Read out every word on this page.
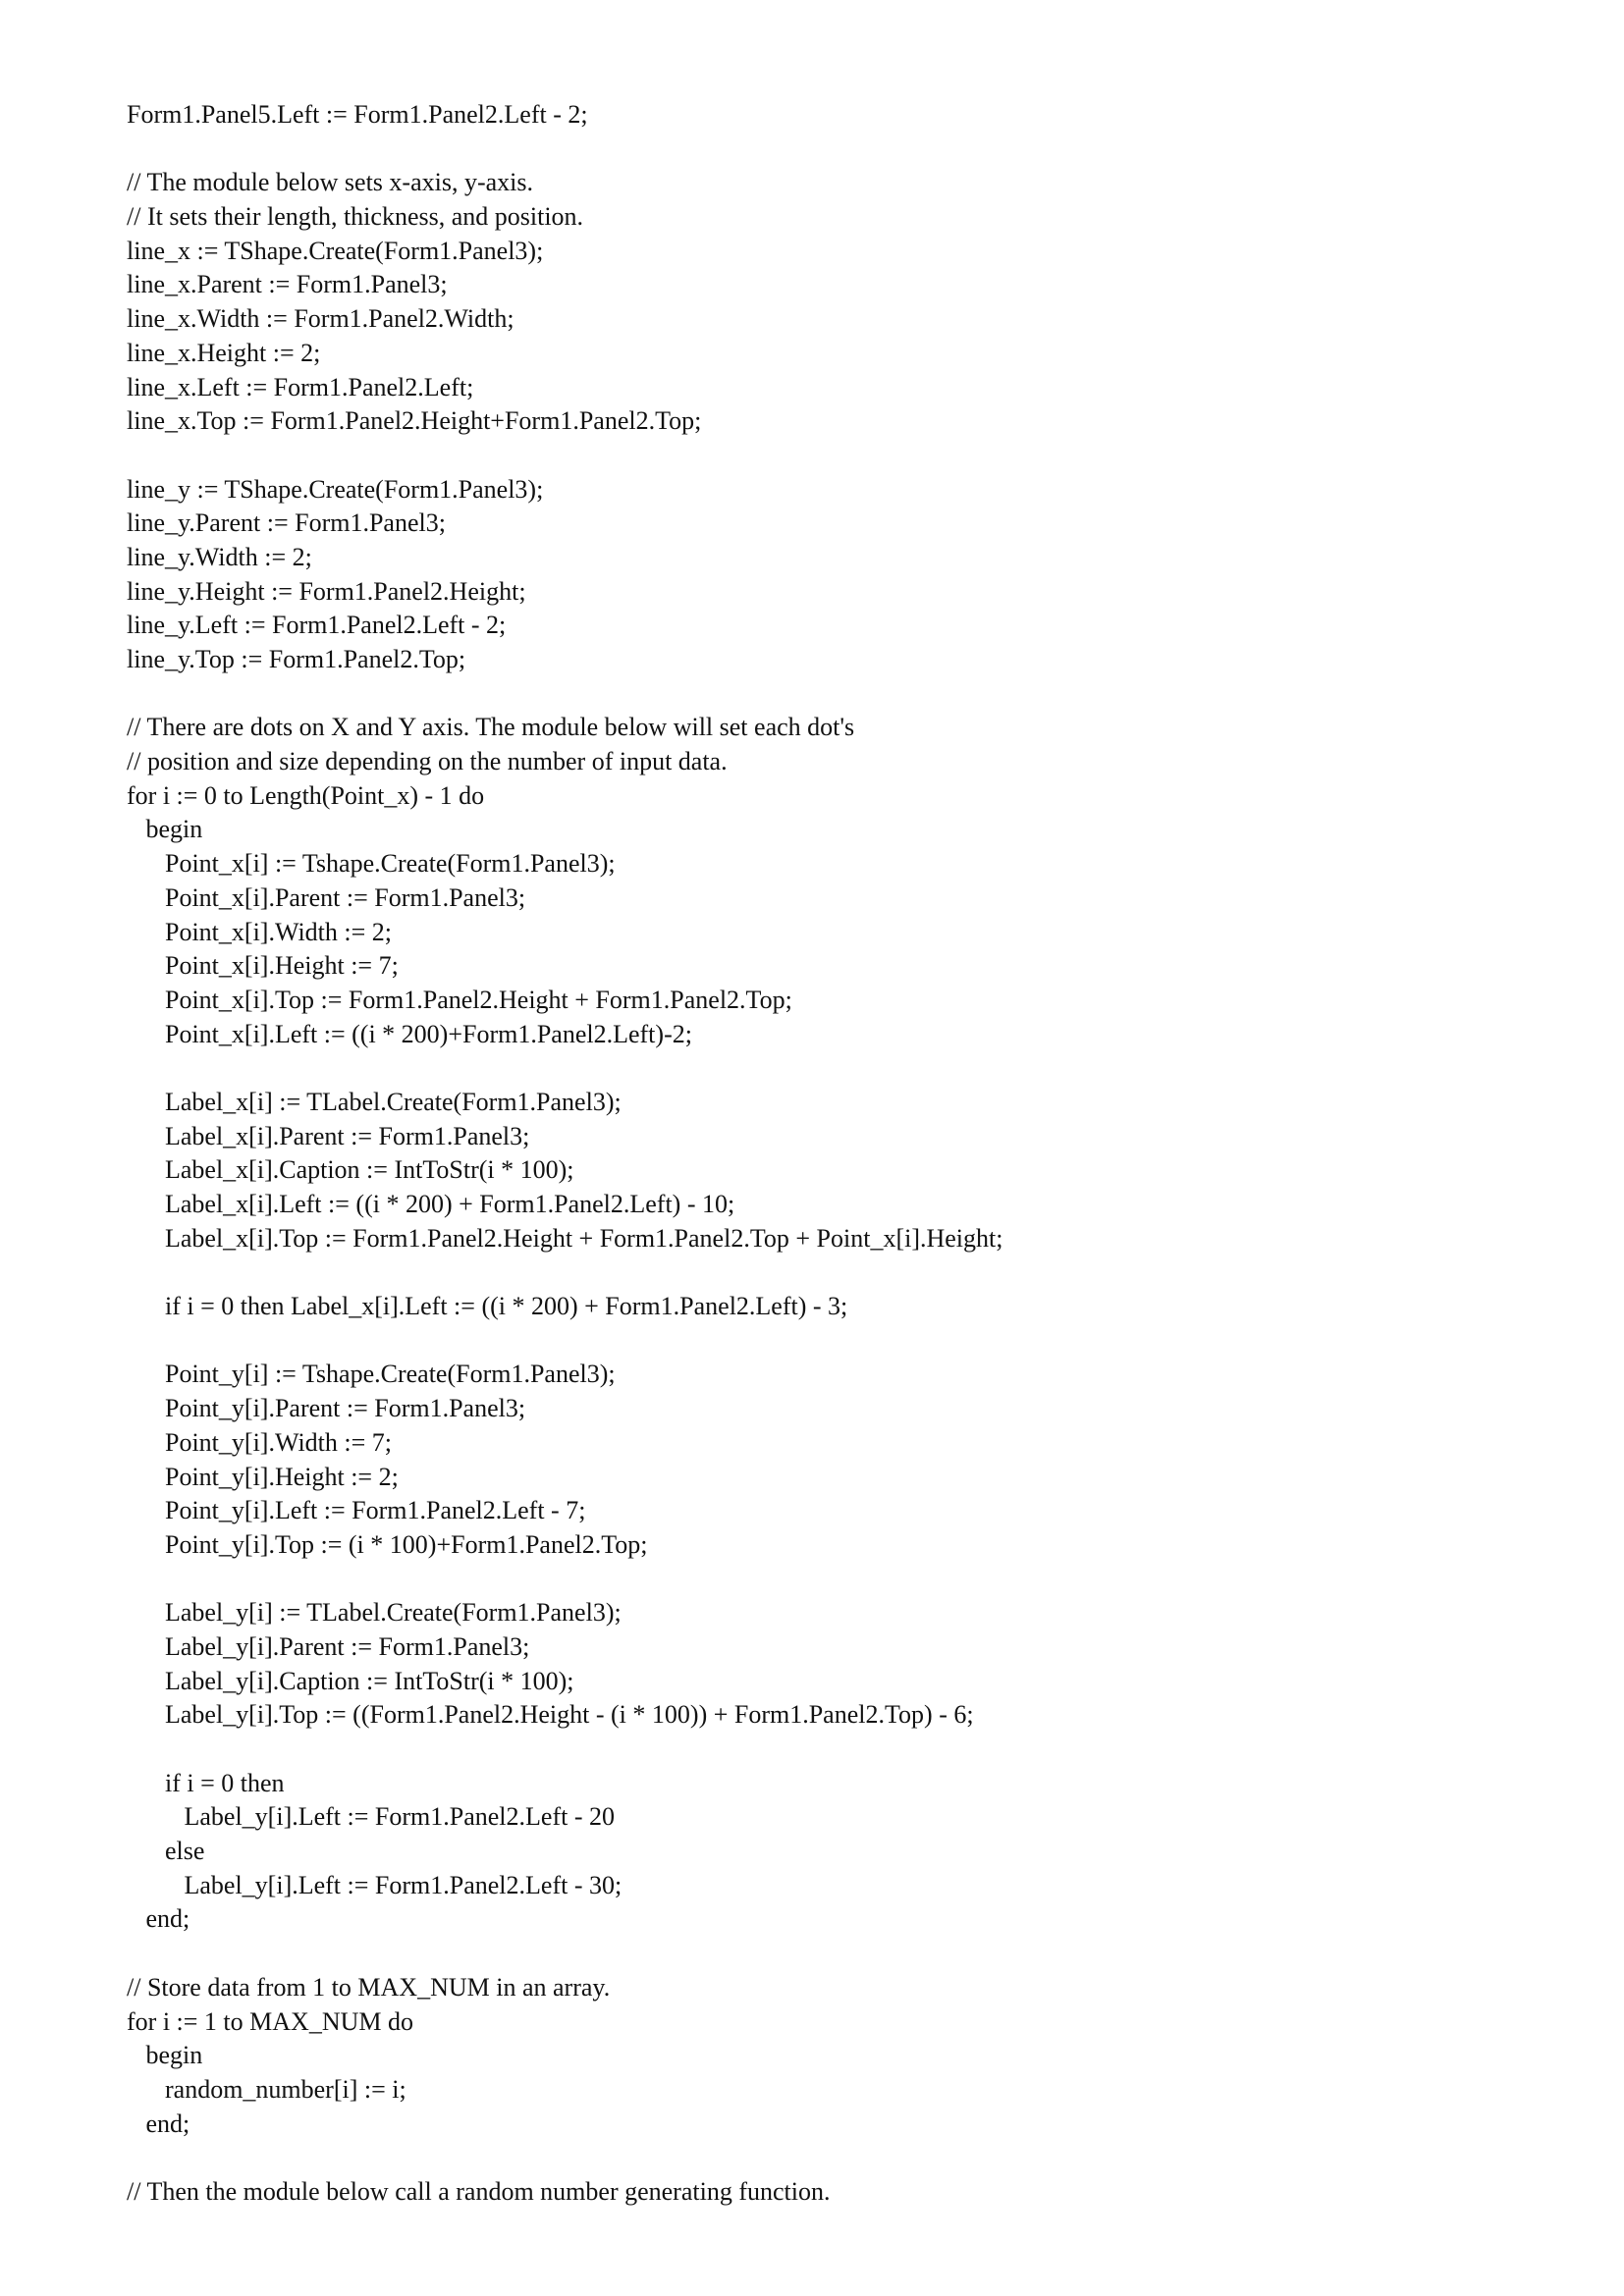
Form1.Panel5.Left := Form1.Panel2.Left - 2;
// The module below sets x-axis, y-axis.
// It sets their length, thickness, and position.
line_x := TShape.Create(Form1.Panel3);
line_x.Parent := Form1.Panel3;
line_x.Width := Form1.Panel2.Width;
line_x.Height := 2;
line_x.Left := Form1.Panel2.Left;
line_x.Top := Form1.Panel2.Height+Form1.Panel2.Top;
line_y := TShape.Create(Form1.Panel3);
line_y.Parent := Form1.Panel3;
line_y.Width := 2;
line_y.Height := Form1.Panel2.Height;
line_y.Left := Form1.Panel2.Left - 2;
line_y.Top := Form1.Panel2.Top;
// There are dots on X and Y axis. The module below will set each dot's
// position and size depending on the number of input data.
for i := 0 to Length(Point_x) - 1 do
begin
Point_x[i] := Tshape.Create(Form1.Panel3);
Point_x[i].Parent := Form1.Panel3;
Point_x[i].Width := 2;
Point_x[i].Height := 7;
Point_x[i].Top := Form1.Panel2.Height + Form1.Panel2.Top;
Point_x[i].Left := ((i * 200)+Form1.Panel2.Left)-2;
Label_x[i] := TLabel.Create(Form1.Panel3);
Label_x[i].Parent := Form1.Panel3;
Label_x[i].Caption := IntToStr(i * 100);
Label_x[i].Left := ((i * 200) + Form1.Panel2.Left) - 10;
Label_x[i].Top := Form1.Panel2.Height + Form1.Panel2.Top + Point_x[i].Height;
if i = 0 then Label_x[i].Left := ((i * 200) + Form1.Panel2.Left) - 3;
Point_y[i] := Tshape.Create(Form1.Panel3);
Point_y[i].Parent := Form1.Panel3;
Point_y[i].Width := 7;
Point_y[i].Height := 2;
Point_y[i].Left := Form1.Panel2.Left - 7;
Point_y[i].Top := (i * 100)+Form1.Panel2.Top;
Label_y[i] := TLabel.Create(Form1.Panel3);
Label_y[i].Parent := Form1.Panel3;
Label_y[i].Caption := IntToStr(i * 100);
Label_y[i].Top := ((Form1.Panel2.Height - (i * 100)) + Form1.Panel2.Top) - 6;
if i = 0 then
Label_y[i].Left := Form1.Panel2.Left - 20
else
Label_y[i].Left := Form1.Panel2.Left - 30;
end;
// Store data from 1 to MAX_NUM in an array.
for i := 1 to MAX_NUM do
begin
random_number[i] := i;
end;
// Then the module below call a random number generating function.
